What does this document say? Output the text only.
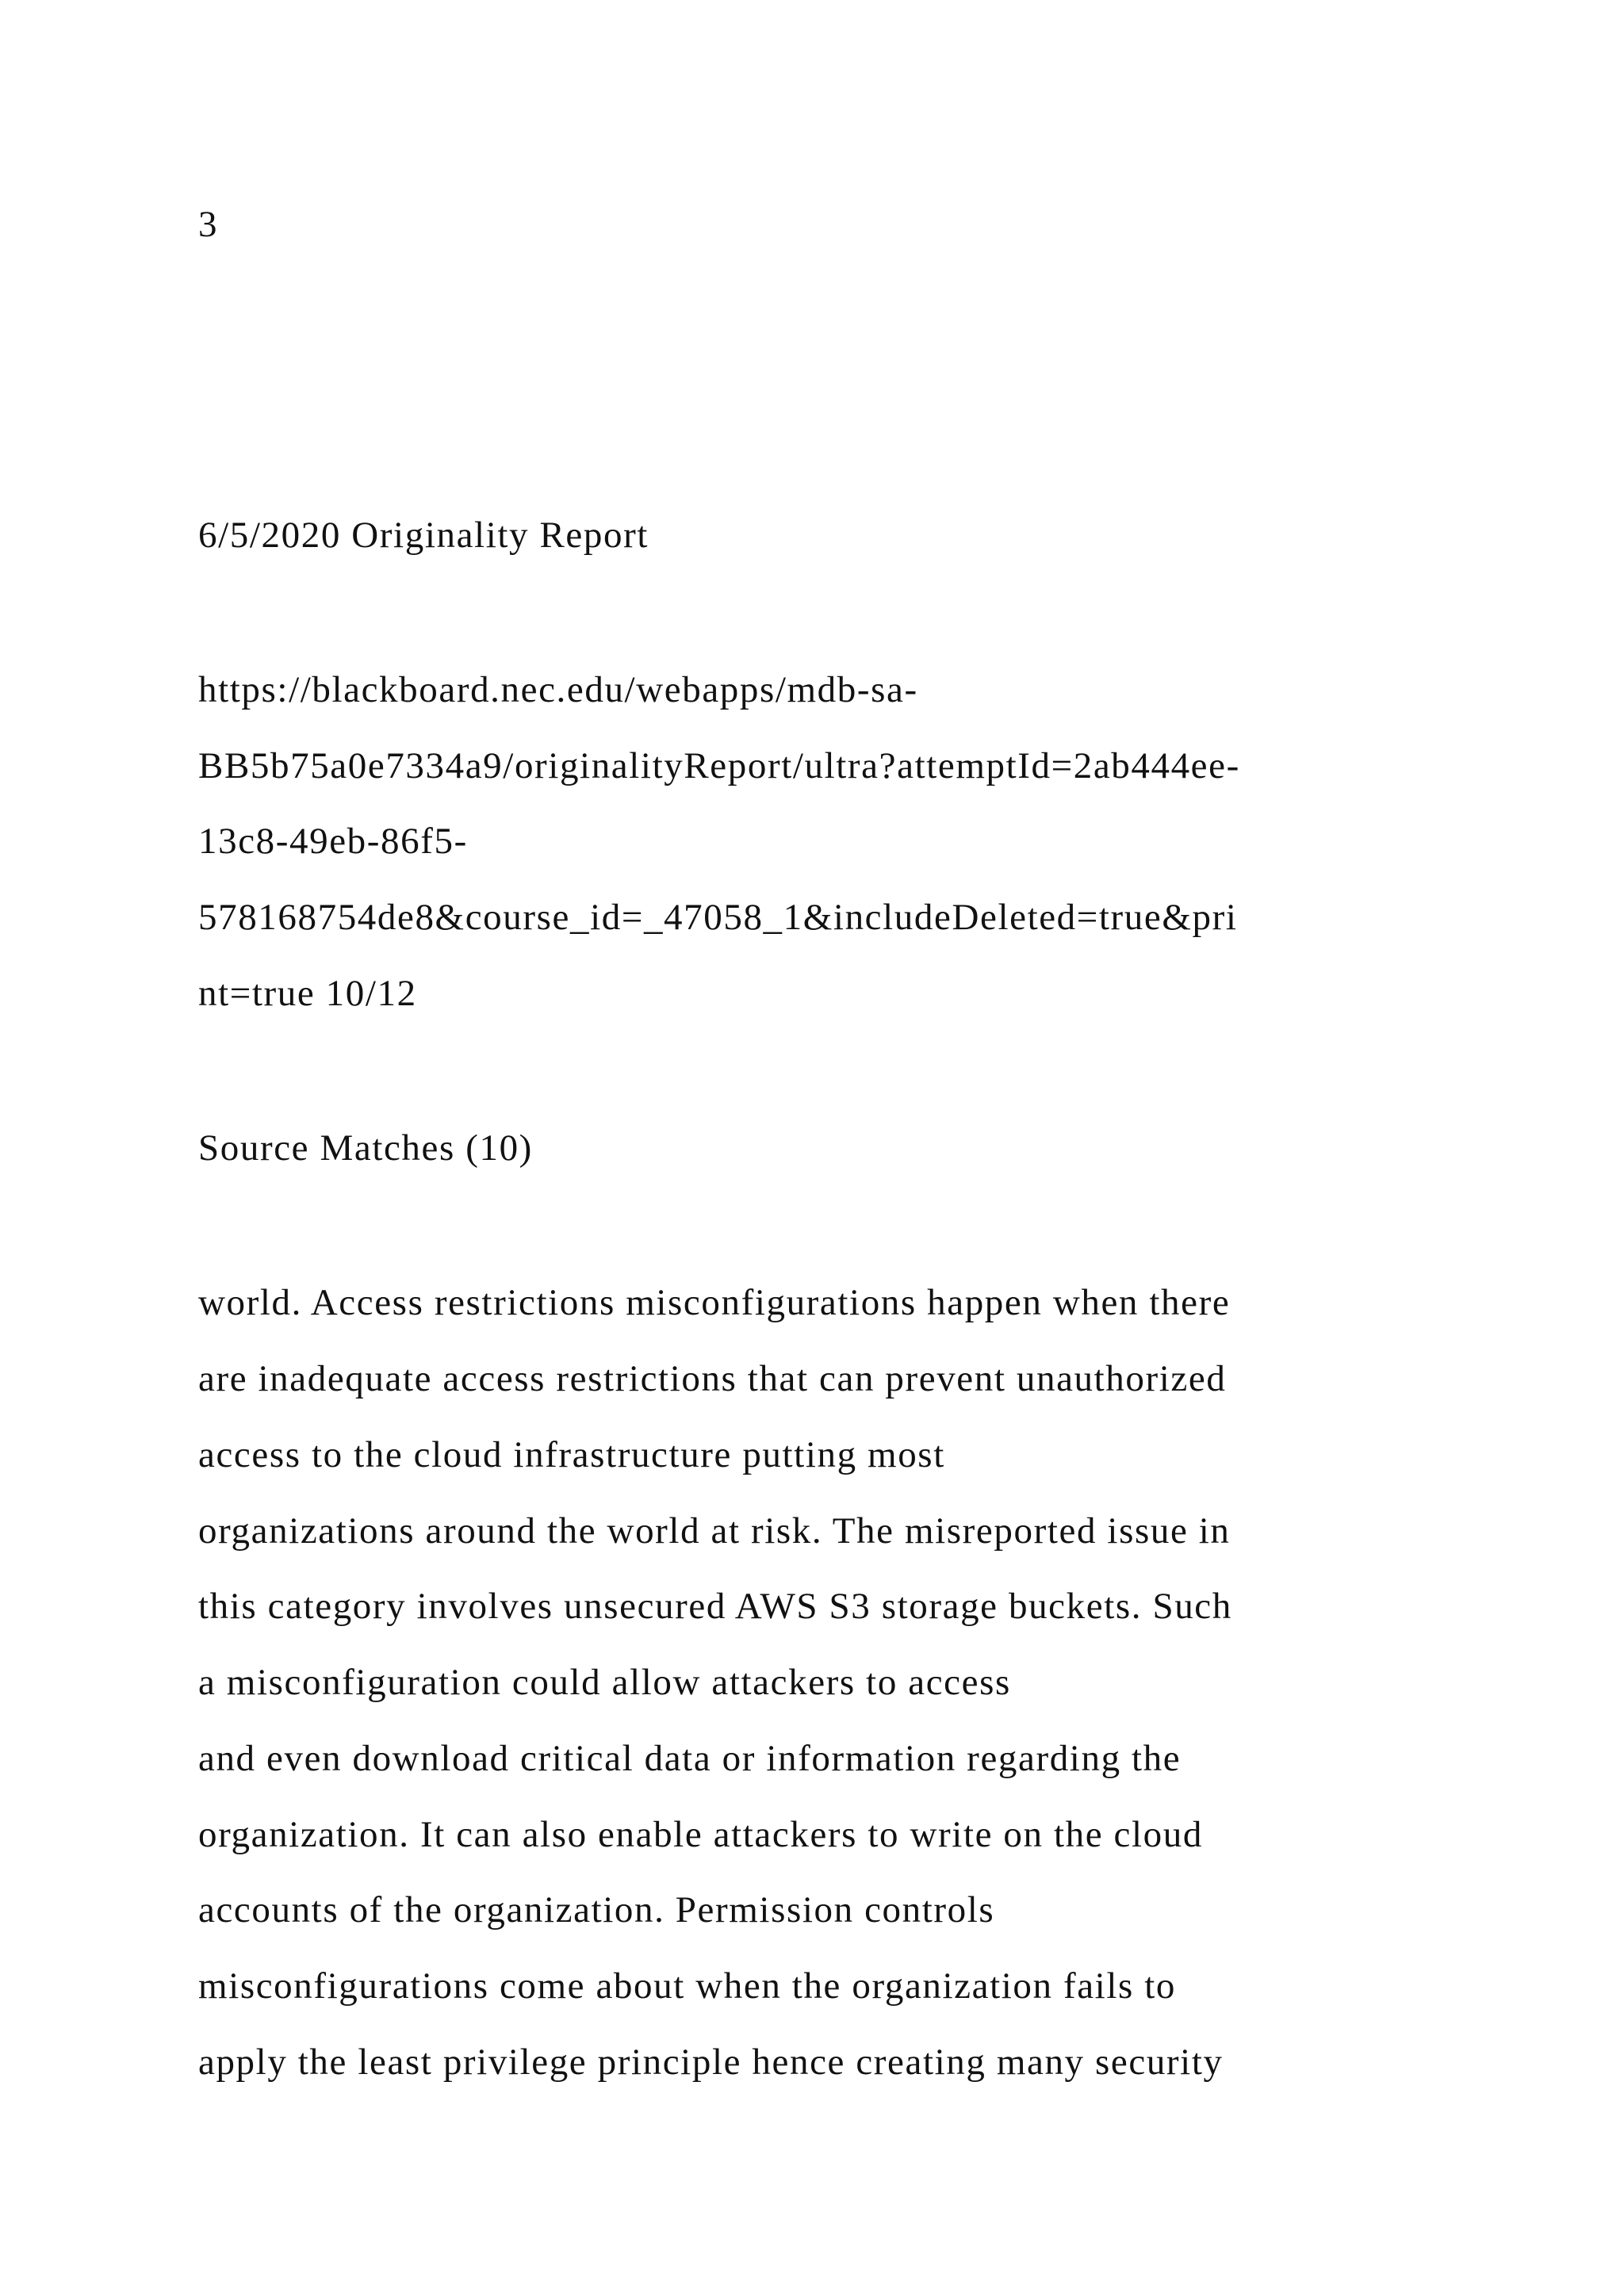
3

6/5/2020 Originality Report

https://blackboard.nec.edu/webapps/mdb-sa-

BB5b75a0e7334a9/originalityReport/ultra?attemptId=2ab444ee-

13c8-49eb-86f5-

578168754de8&course_id=_47058_1&includeDeleted=true&pri

nt=true 10/12

Source Matches (10)

world. Access restrictions misconfigurations happen when there

are inadequate access restrictions that can prevent unauthorized

access to the cloud infrastructure putting most

organizations around the world at risk. The misreported issue in

this category involves unsecured AWS S3 storage buckets. Such

a misconfiguration could allow attackers to access

and even download critical data or information regarding the

organization. It can also enable attackers to write on the cloud

accounts of the organization. Permission controls

misconfigurations come about when the organization fails to

apply the least privilege principle hence creating many security
